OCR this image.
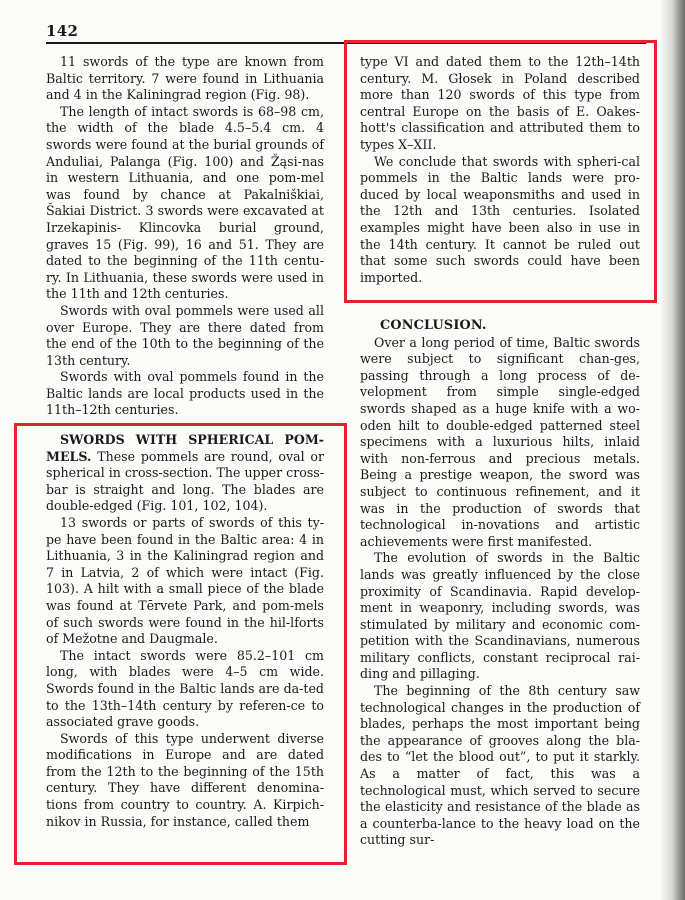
142

11 swords of the type are known from Baltic territory. 7 were found in Lithuania and 4 in the Kaliningrad region (Fig. 98).

The length of intact swords is 68–98 cm, the width of the blade 4.5–5.4 cm. 4 swords were found at the burial grounds of Anduliai, Palanga (Fig. 100) and Žąsi-nas in western Lithuania, and one pom-mel was found by chance at Pakalniškiai, Šakiai District. 3 swords were excavated at Irzekapinis- Klincovka burial ground, graves 15 (Fig. 99), 16 and 51. They are dated to the beginning of the 11th centu-ry. In Lithuania, these swords were used in the 11th and 12th centuries.

Swords with oval pommels were used all over Europe. They are there dated from the end of the 10th to the beginning of the 13th century.

Swords with oval pommels found in the Baltic lands are local products used in the 11th–12th centuries.

SWORDS WITH SPHERICAL POM-MELS. These pommels are round, oval or spherical in cross-section. The upper cross-bar is straight and long. The blades are double-edged (Fig. 101, 102, 104).

13 swords or parts of swords of this ty-pe have been found in the Baltic area: 4 in Lithuania, 3 in the Kaliningrad region and 7 in Latvia, 2 of which were intact (Fig. 103). A hilt with a small piece of the blade was found at Tērvete Park, and pom-mels of such swords were found in the hil-lforts of Mežotne and Daugmale.

The intact swords were 85.2–101 cm long, with blades were 4–5 cm wide. Swords found in the Baltic lands are da-ted to the 13th–14th century by referen-ce to associated grave goods.

Swords of this type underwent diverse modifications in Europe and are dated from the 12th to the beginning of the 15th century. They have different denomina-tions from country to country. A. Kirpich-nikov in Russia, for instance, called them

type VI and dated them to the 12th–14th century. M. Głosek in Poland described more than 120 swords of this type from central Europe on the basis of E. Oakes-hott's classification and attributed them to types X–XII.

We conclude that swords with spheri-cal pommels in the Baltic lands were pro-duced by local weaponsmiths and used in the 12th and 13th centuries. Isolated examples might have been also in use in the 14th century. It cannot be ruled out that some such swords could have been imported.

CONCLUSION.

Over a long period of time, Baltic swords were subject to significant chan-ges, passing through a long process of de-velopment from simple single-edged swords shaped as a huge knife with a wo-oden hilt to double-edged patterned steel specimens with a luxurious hilts, inlaid with non-ferrous and precious metals. Being a prestige weapon, the sword was subject to continuous refinement, and it was in the production of swords that technological in-novations and artistic achievements were first manifested.

The evolution of swords in the Baltic lands was greatly influenced by the close proximity of Scandinavia. Rapid develop-ment in weaponry, including swords, was stimulated by military and economic com-petition with the Scandinavians, numerous military conflicts, constant reciprocal rai-ding and pillaging.

The beginning of the 8th century saw technological changes in the production of blades, perhaps the most important being the appearance of grooves along the bla-des to “let the blood out”, to put it starkly. As a matter of fact, this was a technological must, which served to secure the elasticity and resistance of the blade as a counterba-lance to the heavy load on the cutting sur-
